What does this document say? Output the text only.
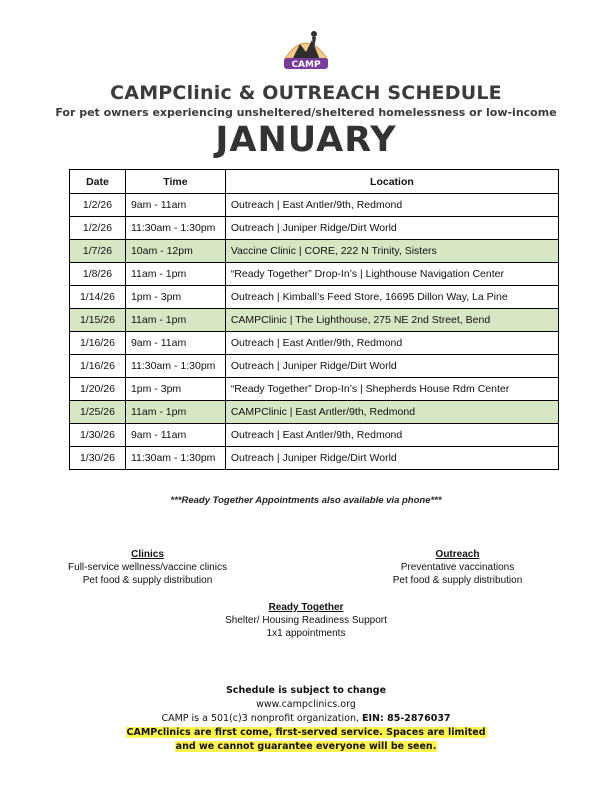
CAMP
CAMPClinic & OUTREACH SCHEDULE
For pet owners experiencing unsheltered/sheltered homelessness or low-income
JANUARY
Date	Time	Location
1/2/26	9am - 11am	Outreach | East Antler/9th, Redmond
1/2/26	11:30am - 1:30pm	Outreach | Juniper Ridge/Dirt World
1/7/26	10am - 12pm	Vaccine Clinic | CORE, 222 N Trinity, Sisters
1/8/26	11am - 1pm	“Ready Together” Drop-In’s | Lighthouse Navigation Center
1/14/26	1pm - 3pm	Outreach | Kimball’s Feed Store, 16695 Dillon Way, La Pine
1/15/26	11am - 1pm	CAMPClinic | The Lighthouse, 275 NE 2nd Street, Bend
1/16/26	9am - 11am	Outreach | East Antler/9th, Redmond
1/16/26	11:30am - 1:30pm	Outreach | Juniper Ridge/Dirt World
1/20/26	1pm - 3pm	“Ready Together” Drop-In’s | Shepherds House Rdm Center
1/25/26	11am - 1pm	CAMPClinic | East Antler/9th, Redmond
1/30/26	9am - 11am	Outreach | East Antler/9th, Redmond
1/30/26	11:30am - 1:30pm	Outreach | Juniper Ridge/Dirt World
***Ready Together Appointments also available via phone***
Clinics
Full-service wellness/vaccine clinics
Pet food & supply distribution
Outreach
Preventative vaccinations
Pet food & supply distribution
Ready Together
Shelter/ Housing Readiness Support
1x1 appointments
Schedule is subject to change
www.campclinics.org
CAMP is a 501(c)3 nonprofit organization, EIN: 85-2876037
CAMPclinics are first come, first-served service. Spaces are limited
and we cannot guarantee everyone will be seen.
